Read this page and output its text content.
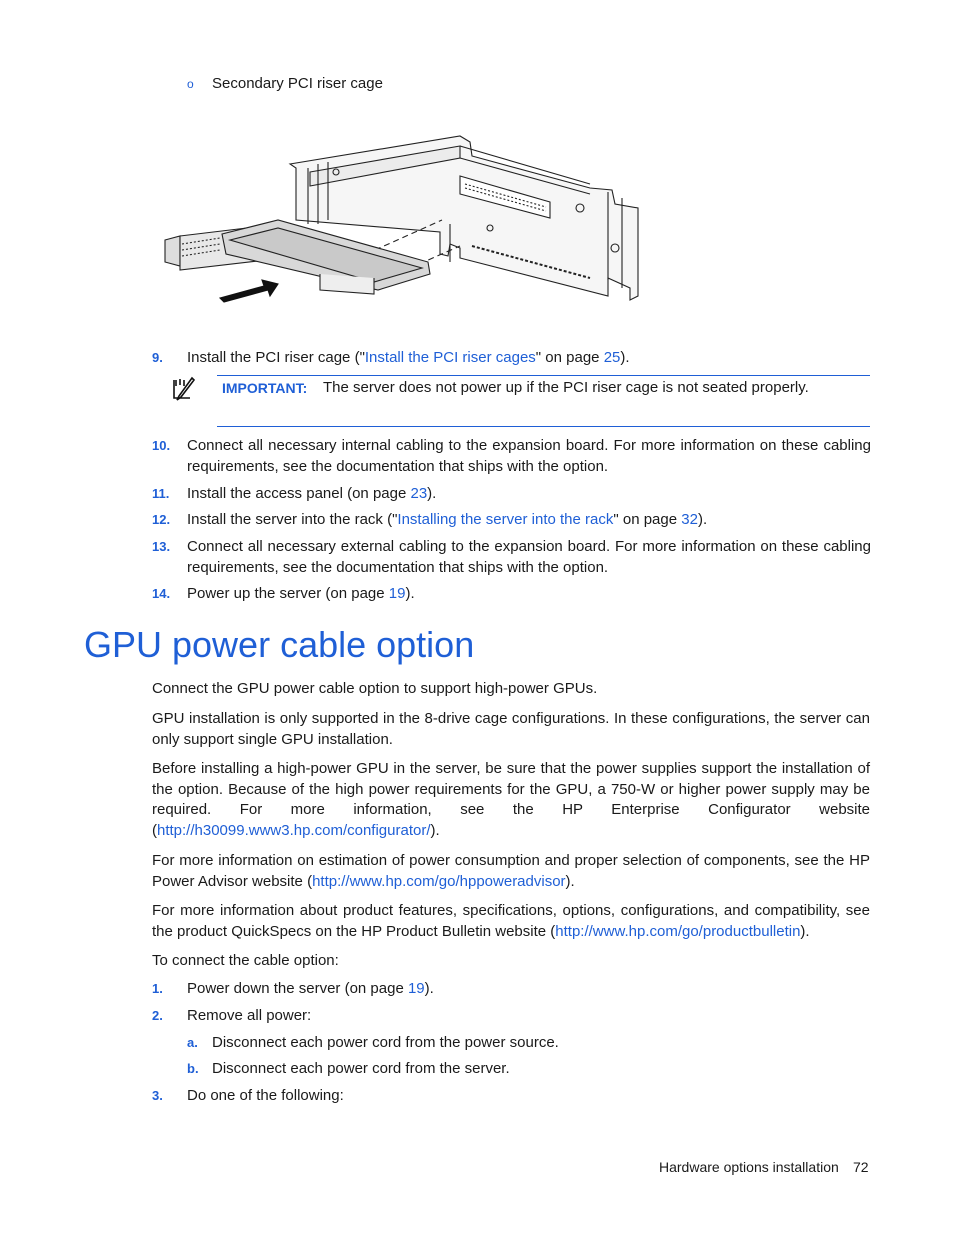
o Secondary PCI riser cage
9. Install the PCI riser cage ("Install the PCI riser cages" on page 25).
IMPORTANT: The server does not power up if the PCI riser cage is not seated properly.
10. Connect all necessary internal cabling to the expansion board. For more information on these cabling requirements, see the documentation that ships with the option.
11. Install the access panel (on page 23).
12. Install the server into the rack ("Installing the server into the rack" on page 32).
13. Connect all necessary external cabling to the expansion board. For more information on these cabling requirements, see the documentation that ships with the option.
14. Power up the server (on page 19).
GPU power cable option
Connect the GPU power cable option to support high-power GPUs.
GPU installation is only supported in the 8-drive cage configurations. In these configurations, the server can only support single GPU installation.
Before installing a high-power GPU in the server, be sure that the power supplies support the installation of the option. Because of the high power requirements for the GPU, a 750-W or higher power supply may be required. For more information, see the HP Enterprise Configurator website (http://h30099.www3.hp.com/configurator/).
For more information on estimation of power consumption and proper selection of components, see the HP Power Advisor website (http://www.hp.com/go/hppoweradvisor).
For more information about product features, specifications, options, configurations, and compatibility, see the product QuickSpecs on the HP Product Bulletin website (http://www.hp.com/go/productbulletin).
To connect the cable option:
1. Power down the server (on page 19).
2. Remove all power:
a. Disconnect each power cord from the power source.
b. Disconnect each power cord from the server.
3. Do one of the following:
Hardware options installation 72
